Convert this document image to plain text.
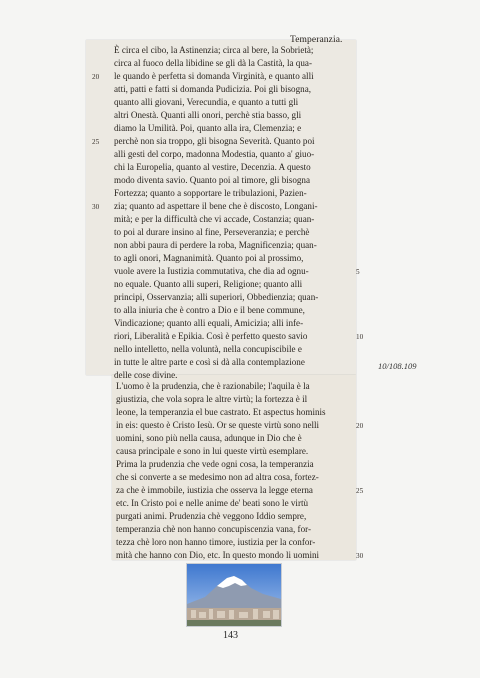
Temperanzia.
È circa el cibo, la Astinenzia; circa al bere, la Sobrietà;
circa al fuoco della libidine se gli dà la Castità, la qua-
le quando è perfetta si domanda Virginità, e quanto alli
atti, patti e fatti si domanda Pudicizia. Poi gli bisogna,
quanto alli giovani, Verecundia, e quanto a tutti gli
altri Onestà. Quanti alli onori, perchè stia basso, gli
diamo la Umilità. Poi, quanto alla ira, Clemenzia; e
perchè non sia troppo, gli bisogna Severità. Quanto poi
alli gesti del corpo, madonna Modestia, quanto a' giuo-
chi la Europelia, quanto al vestire, Decenzia. A questo
modo diventa savio. Quanto poi al timore, gli bisogna
Fortezza; quanto a sopportare le tribulazioni, Pazien-
zia; quanto ad aspettare il bene che è discosto, Longani-
mità; e per la difficultà che vi accade, Costanzia; quan-
to poi al durare insino al fine, Perseveranzia; e perchè
non abbi paura di perdere la roba, Magnificenzia; quan-
to agli onori, Magnanimità. Quanto poi al prossimo,
vuole avere la Iustizia commutativa, che dia ad ognu-
no equale. Quanto alli superi, Religione; quanto alli
principi, Osservanzia; alli superiori, Obbedienzia; quan-
to alla iniuria che è contro a Dio e il bene commune,
Vindicazione; quanto alli equali, Amicizia; alli infe-
riori, Liberalità e Epikia. Così è perfetto questo savio
nello intelletto, nella voluntà, nella concupiscibile e
in tutte le altre parte e così si dà alla contemplazione
delle cose divine.
20
25
30
5
10
10/108.109
L'uomo è la prudenzia, che è razionabile; l'aquila è la
giustizia, che vola sopra le altre virtù; la fortezza è il
leone, la temperanzia el bue castrato. Et aspectus hominis
in eis: questo è Cristo Iesù. Or se queste virtù sono nelli
uomini, sono più nella causa, adunque in Dio che è
causa principale e sono in lui queste virtù esemplare.
Prima la prudenzia che vede ogni cosa, la temperanzia
che si converte a se medesimo non ad altra cosa, fortez-
za che è immobile, iustizia che osserva la legge eterna
etc. In Cristo poi e nelle anime de' beati sono le virtù
purgati animi. Prudenzia chè veggono Iddio sempre,
temperanzia chè non hanno concupiscenzia vana, for-
tezza chè loro non hanno timore, iustizia per la confor-
mità che hanno con Dio, etc. In questo mondo li uomini
20
25
30
143
